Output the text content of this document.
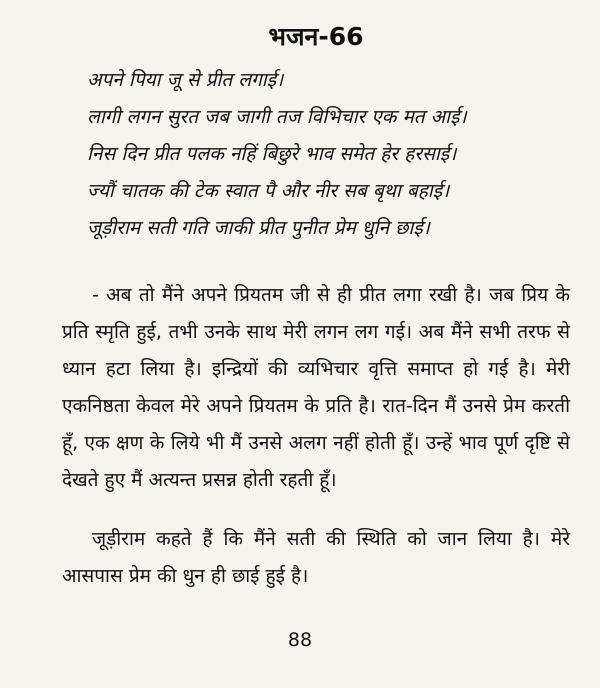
भजन-66
अपने पिया जू से प्रीत लगाई।
लागी लगन सुरत जब जागी तज विभिचार एक मत आई।
निस दिन प्रीत पलक नहिं बिछुरे भाव समेत हेर हरसाई।
ज्यौं चातक की टेक स्वात पै और नीर सब बृथा बहाई।
जूड़ीराम सती गति जाकी प्रीत पुनीत प्रेम धुनि छाई।

- अब तो मैंने अपने प्रियतम जी से ही प्रीत लगा रखी है। जब प्रिय के प्रति स्मृति हुई, तभी उनके साथ मेरी लगन लग गई। अब मैंने सभी तरफ से ध्यान हटा लिया है। इन्द्रियों की व्यभिचार वृत्ति समाप्त हो गई है। मेरी एकनिष्ठता केवल मेरे अपने प्रियतम के प्रति है। रात-दिन मैं उनसे प्रेम करती हूँ, एक क्षण के लिये भी मैं उनसे अलग नहीं होती हूँ। उन्हें भाव पूर्ण दृष्टि से देखते हुए मैं अत्यन्त प्रसन्न होती रहती हूँ।

जूड़ीराम कहते हैं कि मैंने सती की स्थिति को जान लिया है। मेरे आसपास प्रेम की धुन ही छाई हुई है।

88
